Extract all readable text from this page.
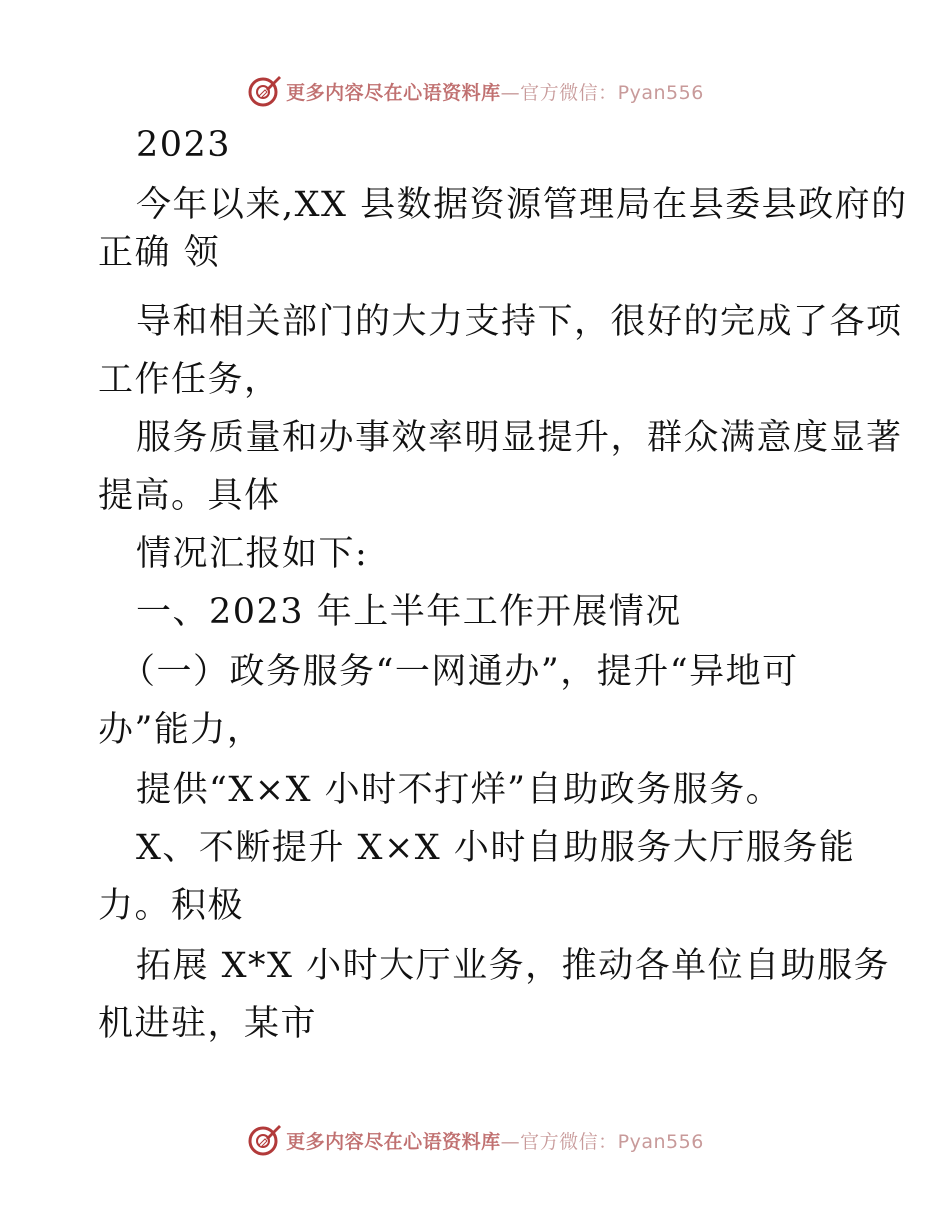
更多内容尽在心语资料库—官方微信：Pyan556
2023
今年以来,XX 县数据资源管理局在县委县政府的
正确 领
导和相关部门的大力支持下，很好的完成了各项
工作任务，
服务质量和办事效率明显提升，群众满意度显著
提高。具体
情况汇报如下:
一、2023 年上半年工作开展情况
（一）政务服务“一网通办”，提升“异地可
办”能力，
提供“X×X 小时不打烊”自助政务服务。
X、不断提升 X×X 小时自助服务大厅服务能
力。积极
拓展 X*X 小时大厅业务，推动各单位自助服务
机进驻，某市
更多内容尽在心语资料库—官方微信：Pyan556
